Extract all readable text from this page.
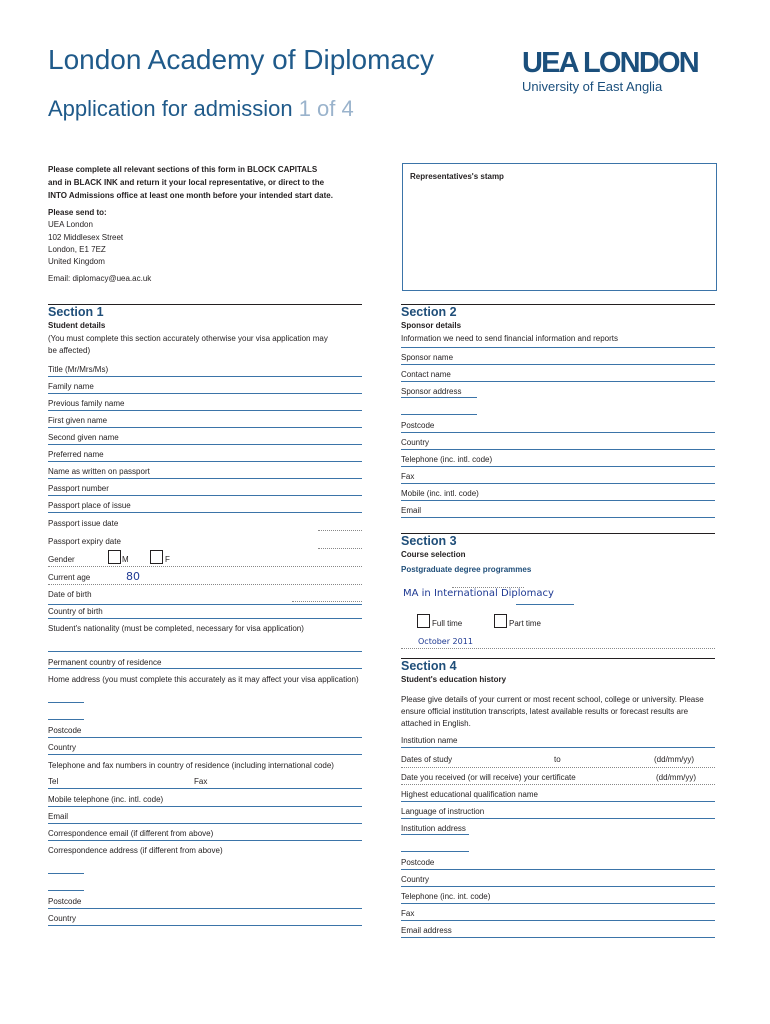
London Academy of Diplomacy
Application for admission 1 of 4
UEA LONDON
University of East Anglia
Please complete all relevant sections of this form in BLOCK CAPITALS
and in BLACK INK and return it your local representative, or direct to the
INTO Admissions office at least one month before your intended start date.
Please send to:
UEA London
102 Middlesex Street
London, E1 7EZ
United Kingdom
Email: diplomacy@uea.ac.uk
Representatives's stamp
Section 1
Student details
(You must complete this section accurately otherwise your visa application may
be affected)
Title (Mr/Mrs/Ms)
Family name
Previous family name
First given name
Second given name
Preferred name
Name as written on passport
Passport number
Passport place of issue
Passport issue date
Passport expiry date
Gender	M	F
Current age	80
Date of birth
Country of birth
Student's nationality (must be completed, necessary for visa application)
Permanent country of residence
Home address (you must complete this accurately as it may affect your visa application)
Postcode
Country
Telephone and fax numbers in country of residence (including international code)
Tel	Fax
Mobile telephone (inc. intl. code)
Email
Correspondence email (if different from above)
Correspondence address (if different from above)
Postcode
Country
Section 2
Sponsor details
Information we need to send financial information and reports
Sponsor name
Contact name
Sponsor address
Postcode
Country
Telephone (inc. intl. code)
Fax
Mobile (inc. intl. code)
Email
Section 3
Course selection
Postgraduate degree programmes
MA in International Diplomacy
Full time	Part time
October 2011
Section 4
Student's education history
Please give details of your current or most recent school, college or university. Please
ensure official institution transcripts, latest available results or forecast results are
attached in English.
Institution name
Dates of study	to	(dd/mm/yy)
Date you received (or will receive) your certificate	(dd/mm/yy)
Highest educational qualification name
Language of instruction
Institution address
Postcode
Country
Telephone (inc. int. code)
Fax
Email address
